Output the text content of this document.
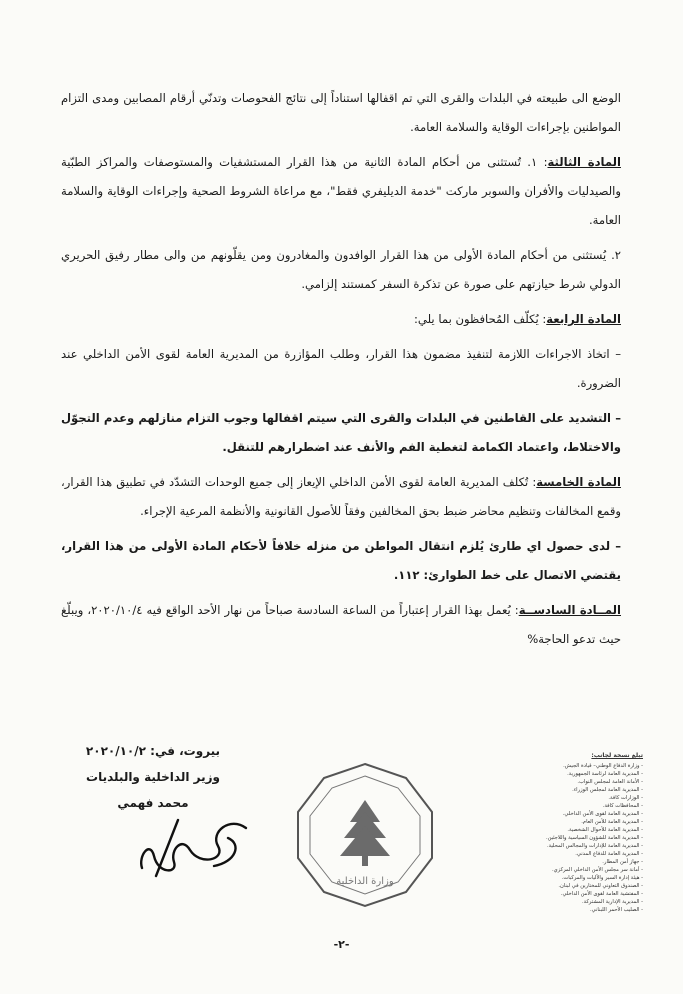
الوضع الى طبيعته في البلدات والقرى التي تم اقفالها استناداً إلى نتائج الفحوصات وتدنّي أرقام المصابين ومدى التزام المواطنين بإجراءات الوقاية والسلامة العامة.

المادة الثالثة: ١. تُستثنى من أحكام المادة الثانية من هذا القرار المستشفيات والمستوصفات والمراكز الطبّية والصيدليات والأفران والسوبر ماركت "خدمة الديليفري فقط"، مع مراعاة الشروط الصحية وإجراءات الوقاية والسلامة العامة.

٢. يُستثنى من أحكام المادة الأولى من هذا القرار الوافدون والمغادرون ومن يقلّونهم من والى مطار رفيق الحريري الدولي شرط حيازتهم على صورة عن تذكرة السفر كمستند إلزامي.

المادة الرابعة: يُكلّف المُحافظون بما يلي:

– اتخاذ الاجراءات اللازمة لتنفيذ مضمون هذا القرار، وطلب المؤازرة من المديرية العامة لقوى الأمن الداخلي عند الضرورة.

– التشديد على القاطنين في البلدات والقرى التي سيتم اقفالها وجوب التزام منازلهم وعدم التجوّل والاختلاط، واعتماد الكمامة لتغطية الفم والأنف عند اضطرارهم للتنقل.

المادة الخامسة: تُكلف المديرية العامة لقوى الأمن الداخلي الإيعاز إلى جميع الوحدات التشدّد في تطبيق هذا القرار، وقمع المخالفات وتنظيم محاضر ضبط بحق المخالفين وفقاً للأصول القانونية والأنظمة المرعية الإجراء.

– لدى حصول اي طارئ يُلزم انتقال المواطن من منزله خلافاً لأحكام المادة الأولى من هذا القرار، يقتضي الاتصال على خط الطوارئ: ١١٢.

المــادة السادســة: يُعمل بهذا القرار إعتباراً من الساعة السادسة صباحاً من نهار الأحد الواقع فيه ٢٠٢٠/١٠/٤، ويبلّغ حيث تدعو الحاجة%

بيروت، في: ٢٠٢٠/١٠/٢
وزير الداخلية والبلديات
محمد فهمي
وزارة الداخلية
تبلغ نسخة لجانب:
- وزارة الدفاع الوطني– قيادة الجيش.
- المديرية العامة لرئاسة الجمهورية.
- الأمانة العامة لمجلس النواب.
- المديرية العامة لمجلس الوزراء.
- الوزارات كافة.
- المحافظات كافة.
- المديرية العامة لقوى الأمن الداخلي.
- المديرية العامة للأمن العام.
- المديرية العامة للأحوال الشخصية.
- المديرية العامة للشؤون السياسية واللاجئين.
- المديرية العامة للإدارات والمجالس المحلية.
- المديرية العامة للدفاع المدني.
- جهاز أمن المطار.
- أمانة سر مجلس الأمن الداخلي المركزي.
- هيئة إدارة السير والآليات والمركبات.
- الصندوق التعاوني للمختارين في لبنان.
- المفتشية العامة لقوى الأمن الداخلي.
- المديرية الإدارية المشتركة.
- الصليب الأحمر اللبناني.
-٢-
